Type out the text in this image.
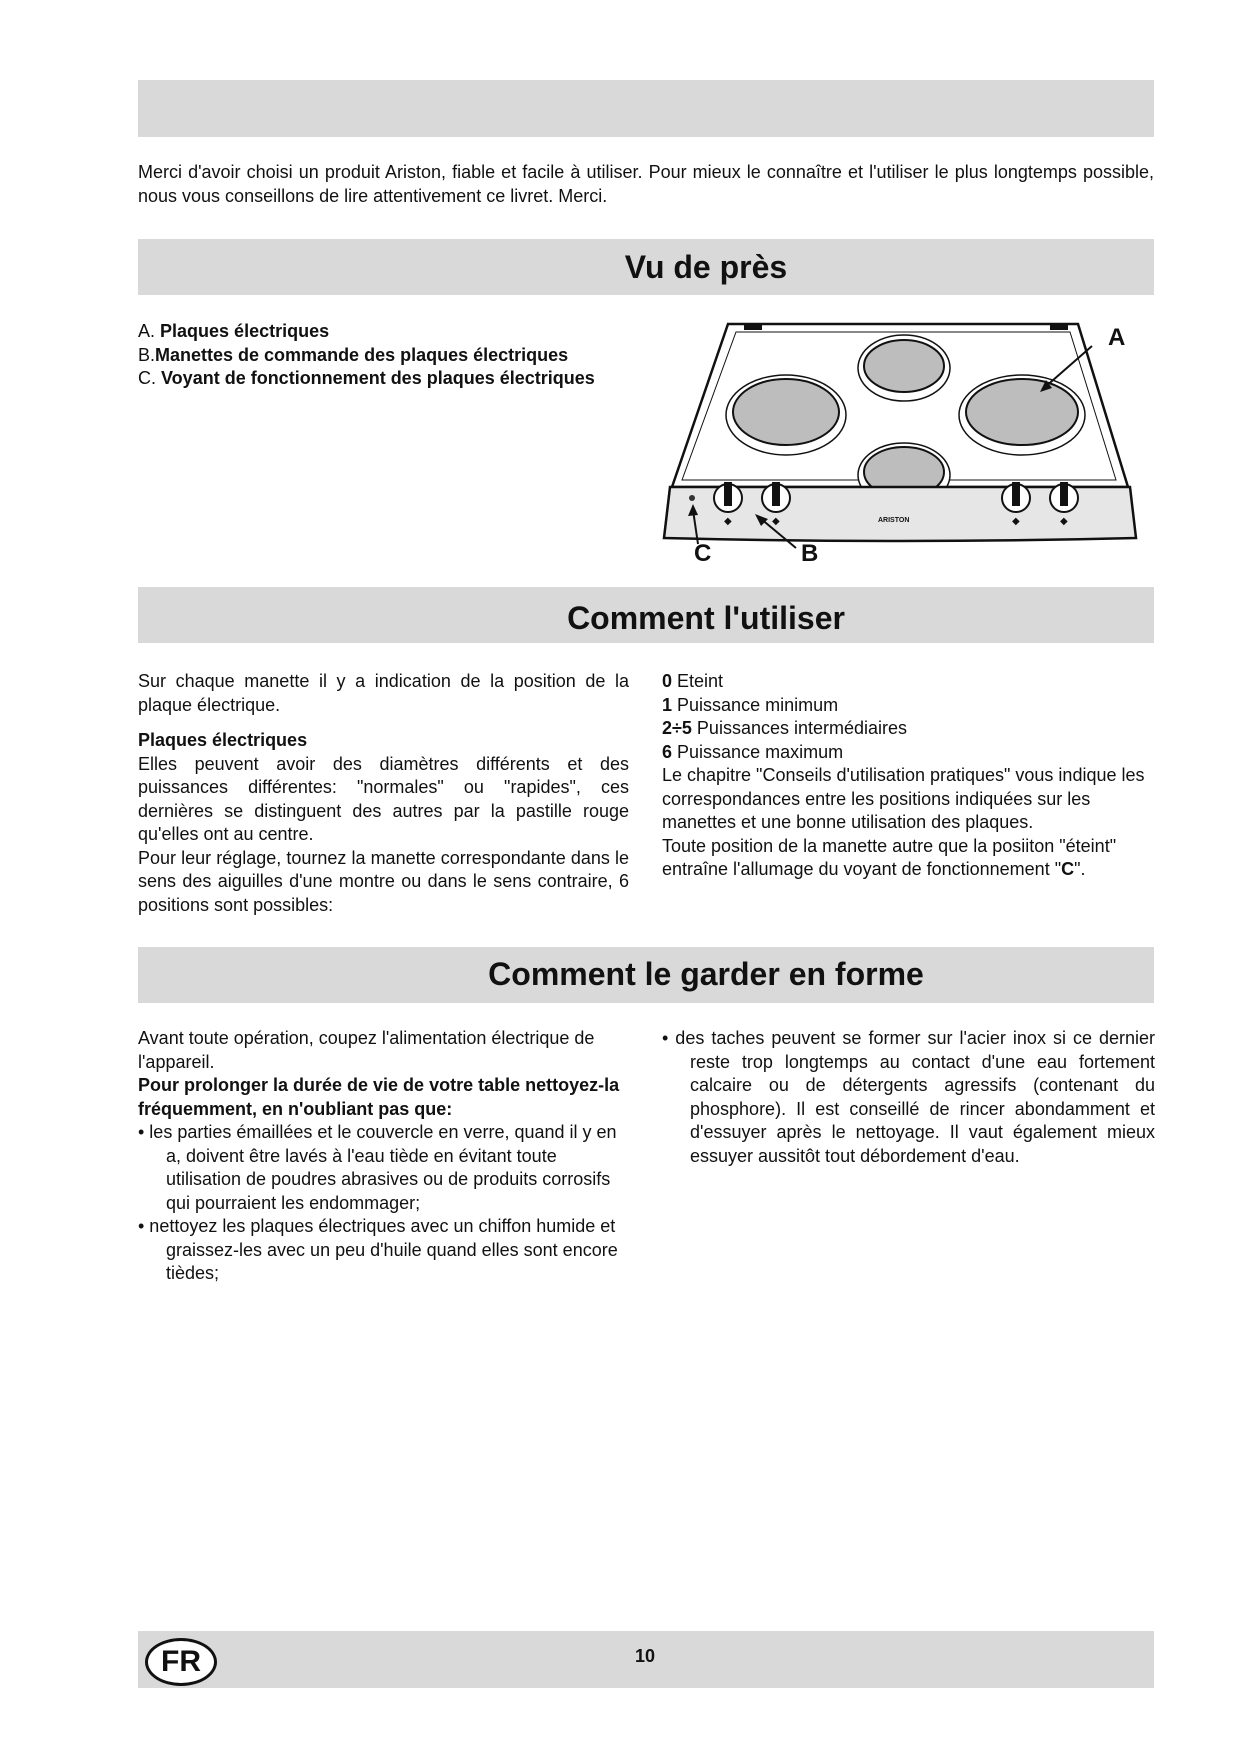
Merci d'avoir choisi un produit Ariston, fiable et facile à utiliser. Pour mieux le connaître et l'utiliser le plus longtemps possible, nous vous conseillons de lire attentivement ce livret. Merci.
Vu de près
A. Plaques électriques
B.Manettes de commande des plaques électriques
C. Voyant de fonctionnement des plaques électriques
◆	◆	◆	◆
ARISTON
A
C	B
Comment l'utiliser

Sur chaque manette il y a indication de la position de la plaque électrique.

Plaques électriques

Elles peuvent avoir des diamètres différents et des puissances différentes: "normales" ou "rapides", ces dernières se distinguent des autres par la pastille rouge qu'elles ont au centre.

Pour leur réglage, tournez la manette correspondante dans le sens des aiguilles d'une montre ou dans le sens contraire, 6 positions sont possibles:

0 Eteint
1 Puissance minimum
2÷5 Puissances intermédiaires
6 Puissance maximum

Le chapitre "Conseils d'utilisation pratiques" vous indique les correspondances entre les positions indiquées sur les manettes et une bonne utilisation des plaques.

Toute position de la manette autre que la posiiton "éteint" entraîne l'allumage du voyant de fonctionnement "C".

Comment le garder en forme

Avant toute opération, coupez l'alimentation électrique de l'appareil.

Pour prolonger la durée de vie de votre table nettoyez-la fréquemment, en n'oubliant pas que:

• les parties émaillées et le couvercle en verre, quand il y en a, doivent être lavés à l'eau tiède en évitant toute utilisation de poudres abrasives ou de produits corrosifs qui pourraient les endommager;

• nettoyez les plaques électriques avec un chiffon humide et graissez-les avec un peu d'huile quand elles sont encore tièdes;

• des taches peuvent se former sur l'acier inox si ce dernier reste trop longtemps au contact d'une eau fortement calcaire ou de détergents agressifs (contenant du phosphore). Il est conseillé de rincer abondamment et d'essuyer après le nettoyage. Il vaut également mieux essuyer aussitôt tout débordement d'eau.

FR	10
